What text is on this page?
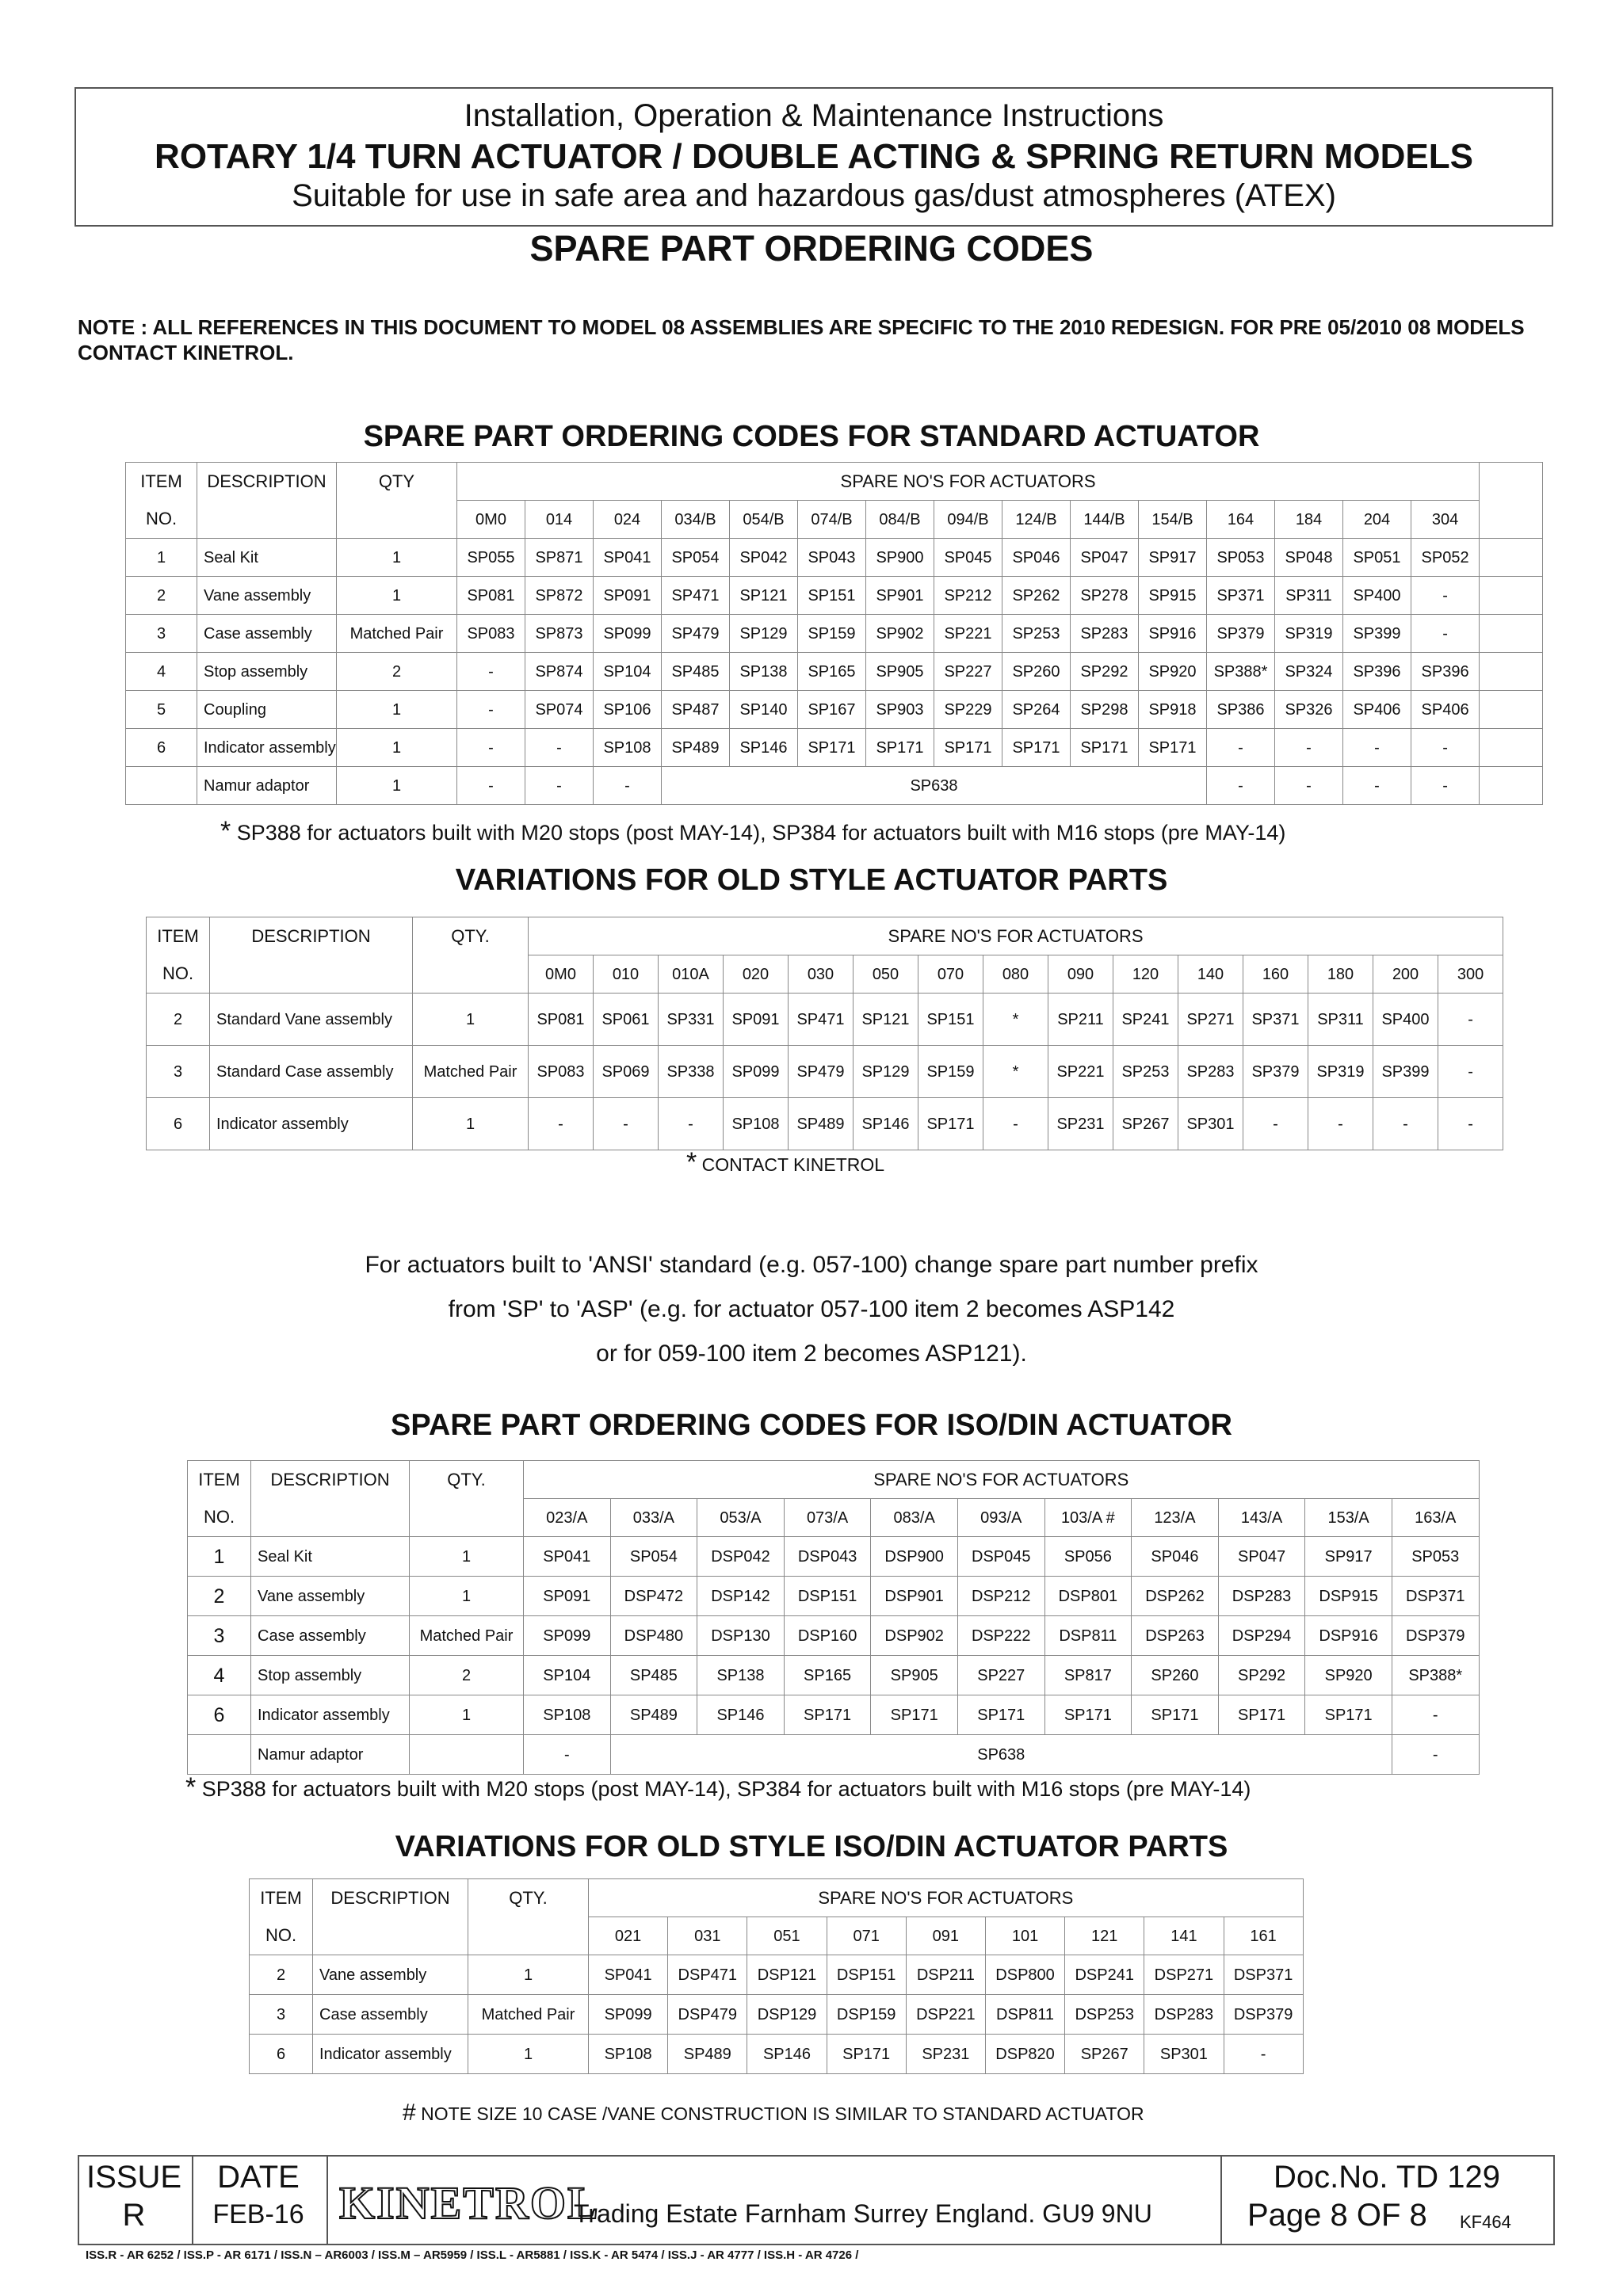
Installation, Operation & Maintenance Instructions
ROTARY 1/4 TURN ACTUATOR / DOUBLE ACTING & SPRING RETURN MODELS
Suitable for use in safe area and hazardous gas/dust atmospheres (ATEX)
SPARE PART ORDERING CODES
NOTE : ALL REFERENCES IN THIS DOCUMENT TO MODEL 08 ASSEMBLIES ARE SPECIFIC TO THE 2010 REDESIGN. FOR PRE 05/2010 08 MODELS CONTACT KINETROL.
SPARE PART ORDERING CODES FOR STANDARD ACTUATOR
ITEM	DESCRIPTION	QTY	SPARE NO'S FOR ACTUATORS															
NO.			0M0	014	024	034/B	054/B	074/B	084/B	094/B	124/B	144/B	154/B	164	184	204	304	
1	Seal Kit	1	SP055	SP871	SP041	SP054	SP042	SP043	SP900	SP045	SP046	SP047	SP917	SP053	SP048	SP051	SP052	
2	Vane assembly	1	SP081	SP872	SP091	SP471	SP121	SP151	SP901	SP212	SP262	SP278	SP915	SP371	SP311	SP400	-	
3	Case assembly	Matched Pair	SP083	SP873	SP099	SP479	SP129	SP159	SP902	SP221	SP253	SP283	SP916	SP379	SP319	SP399	-	
4	Stop assembly	2	-	SP874	SP104	SP485	SP138	SP165	SP905	SP227	SP260	SP292	SP920	SP388*	SP324	SP396	SP396	
5	Coupling	1	-	SP074	SP106	SP487	SP140	SP167	SP903	SP229	SP264	SP298	SP918	SP386	SP326	SP406	SP406	
6	Indicator assembly	1	-	-	SP108	SP489	SP146	SP171	SP171	SP171	SP171	SP171	SP171	-	-	-	-	
	Namur adaptor	1	-	-	-	SP638								-	-	-	-	
* SP388 for actuators built with M20 stops (post MAY-14), SP384 for actuators built with M16 stops (pre MAY-14)
VARIATIONS FOR OLD STYLE ACTUATOR PARTS
ITEM	DESCRIPTION	QTY.	SPARE NO'S FOR ACTUATORS														
NO.			0M0	010	010A	020	030	050	070	080	090	120	140	160	180	200	300
2	Standard Vane assembly	1	SP081	SP061	SP331	SP091	SP471	SP121	SP151	*	SP211	SP241	SP271	SP371	SP311	SP400	-
3	Standard Case assembly	Matched Pair	SP083	SP069	SP338	SP099	SP479	SP129	SP159	*	SP221	SP253	SP283	SP379	SP319	SP399	-
6	Indicator assembly	1	-	-	-	SP108	SP489	SP146	SP171	-	SP231	SP267	SP301	-	-	-	-
* CONTACT KINETROL
For actuators built to 'ANSI' standard (e.g. 057-100) change spare part number prefix
from 'SP' to 'ASP' (e.g. for actuator 057-100 item 2 becomes ASP142
or for 059-100 item 2 becomes ASP121).
SPARE PART ORDERING CODES FOR ISO/DIN ACTUATOR
ITEM	DESCRIPTION	QTY.	SPARE NO'S FOR ACTUATORS										
NO.			023/A	033/A	053/A	073/A	083/A	093/A	103/A #	123/A	143/A	153/A	163/A
1	Seal Kit	1	SP041	SP054	DSP042	DSP043	DSP900	DSP045	SP056	SP046	SP047	SP917	SP053
2	Vane assembly	1	SP091	DSP472	DSP142	DSP151	DSP901	DSP212	DSP801	DSP262	DSP283	DSP915	DSP371
3	Case assembly	Matched Pair	SP099	DSP480	DSP130	DSP160	DSP902	DSP222	DSP811	DSP263	DSP294	DSP916	DSP379
4	Stop assembly	2	SP104	SP485	SP138	SP165	SP905	SP227	SP817	SP260	SP292	SP920	SP388*
6	Indicator assembly	1	SP108	SP489	SP146	SP171	SP171	SP171	SP171	SP171	SP171	SP171	-
	Namur adaptor		-	SP638									-
* SP388 for actuators built with M20 stops (post MAY-14), SP384 for actuators built with M16 stops (pre MAY-14)
VARIATIONS FOR OLD STYLE ISO/DIN ACTUATOR PARTS
ITEM	DESCRIPTION	QTY.	SPARE NO'S FOR ACTUATORS								
NO.			021	031	051	071	091	101	121	141	161
2	Vane assembly	1	SP041	DSP471	DSP121	DSP151	DSP211	DSP800	DSP241	DSP271	DSP371
3	Case assembly	Matched Pair	SP099	DSP479	DSP129	DSP159	DSP221	DSP811	DSP253	DSP283	DSP379
6	Indicator assembly	1	SP108	SP489	SP146	SP171	SP231	DSP820	SP267	SP301	-
# NOTE SIZE 10 CASE /VANE CONSTRUCTION IS SIMILAR TO STANDARD ACTUATOR
ISSUE
R
DATE
FEB-16 KINETROL
Trading Estate Farnham Surrey England. GU9 9NU
Doc.No. TD 129
Page 8 OF 8 KF464
ISS.R - AR 6252 / ISS.P - AR 6171 / ISS.N – AR6003 / ISS.M – AR5959 / ISS.L - AR5881 / ISS.K - AR 5474 / ISS.J - AR 4777 / ISS.H - AR 4726 /
